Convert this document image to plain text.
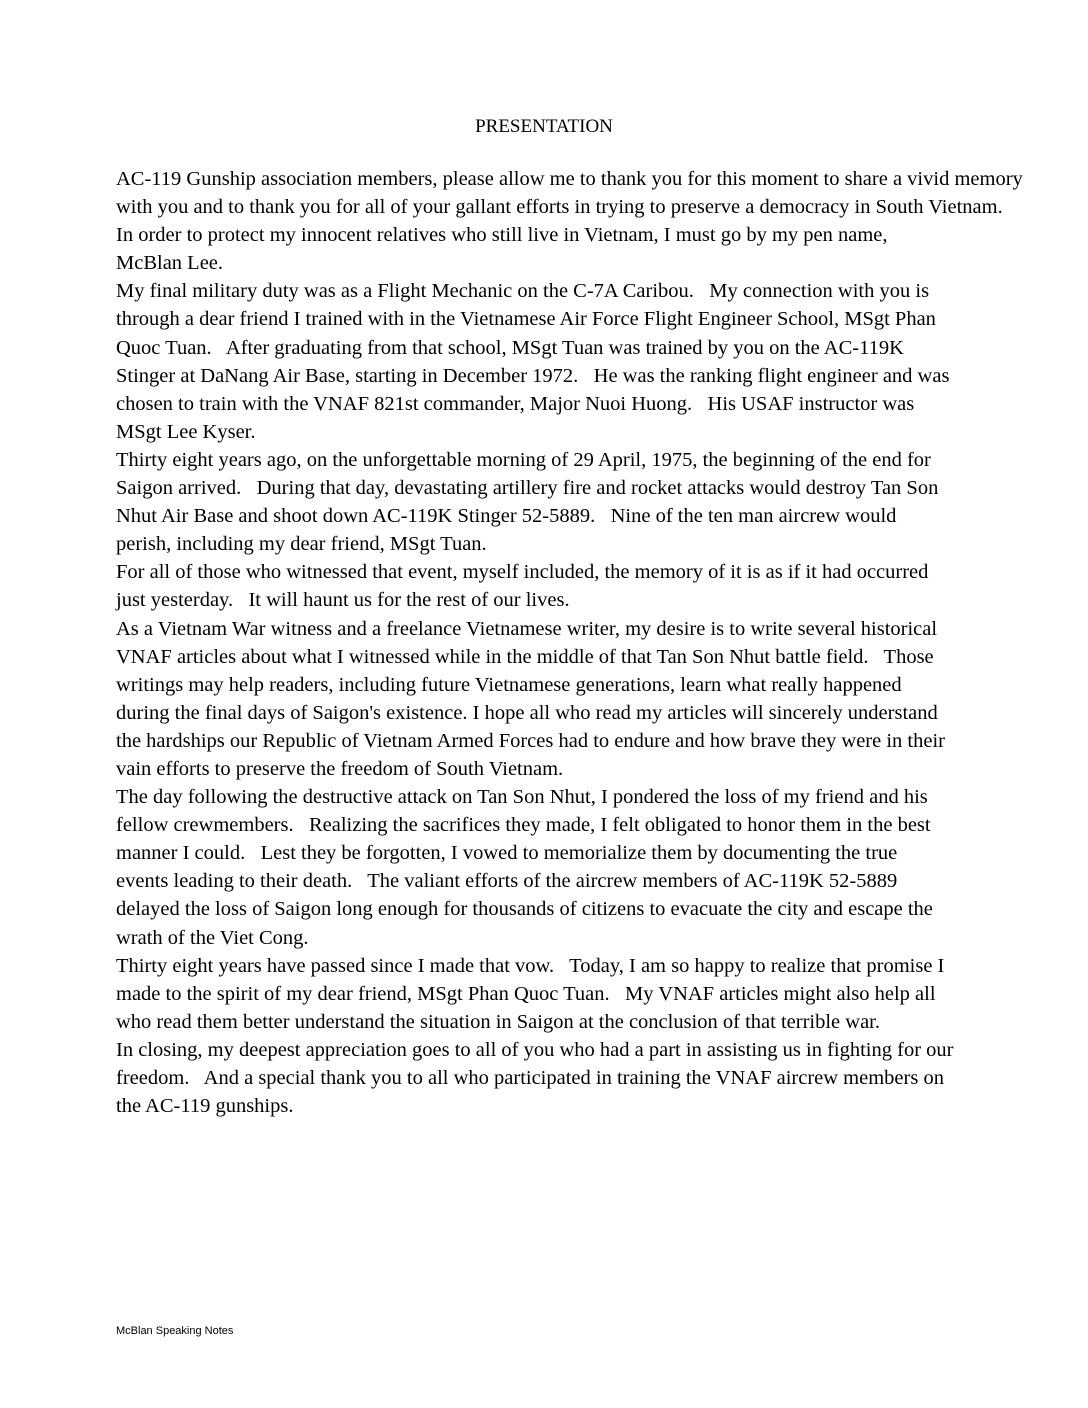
PRESENTATION

AC-119 Gunship association members, please allow me to thank you for this moment to share a vivid memory

with you and to thank you for all of your gallant efforts in trying to preserve a democracy in South Vietnam.

In order to protect my innocent relatives who still live in Vietnam, I must go by my pen name,

McBlan Lee.

My final military duty was as a Flight Mechanic on the C-7A Caribou.   My connection with you is

through a dear friend I trained with in the Vietnamese Air Force Flight Engineer School, MSgt Phan

Quoc Tuan.   After graduating from that school, MSgt Tuan was trained by you on the AC-119K

Stinger at DaNang Air Base, starting in December 1972.   He was the ranking flight engineer and was

chosen to train with the VNAF 821st commander, Major Nuoi Huong.   His USAF instructor was

MSgt Lee Kyser.

Thirty eight years ago, on the unforgettable morning of 29 April, 1975, the beginning of the end for

Saigon arrived.   During that day, devastating artillery fire and rocket attacks would destroy Tan Son

Nhut Air Base and shoot down AC-119K Stinger 52-5889.   Nine of the ten man aircrew would

perish, including my dear friend, MSgt Tuan.

For all of those who witnessed that event, myself included, the memory of it is as if it had occurred

just yesterday.   It will haunt us for the rest of our lives.

As a Vietnam War witness and a freelance Vietnamese writer, my desire is to write several historical

VNAF articles about what I witnessed while in the middle of that Tan Son Nhut battle field.   Those

writings may help readers, including future Vietnamese generations, learn what really happened

during the final days of Saigon's existence. I hope all who read my articles will sincerely understand

the hardships our Republic of Vietnam Armed Forces had to endure and how brave they were in their

vain efforts to preserve the freedom of South Vietnam.

The day following the destructive attack on Tan Son Nhut, I pondered the loss of my friend and his

fellow crewmembers.   Realizing the sacrifices they made, I felt obligated to honor them in the best

manner I could.   Lest they be forgotten, I vowed to memorialize them by documenting the true

events leading to their death.   The valiant efforts of the aircrew members of AC-119K 52-5889

delayed the loss of Saigon long enough for thousands of citizens to evacuate the city and escape the

wrath of the Viet Cong.

Thirty eight years have passed since I made that vow.   Today, I am so happy to realize that promise I

made to the spirit of my dear friend, MSgt Phan Quoc Tuan.   My VNAF articles might also help all

who read them better understand the situation in Saigon at the conclusion of that terrible war.

In closing, my deepest appreciation goes to all of you who had a part in assisting us in fighting for our

freedom.   And a special thank you to all who participated in training the VNAF aircrew members on

the AC-119 gunships.

McBlan Speaking Notes
